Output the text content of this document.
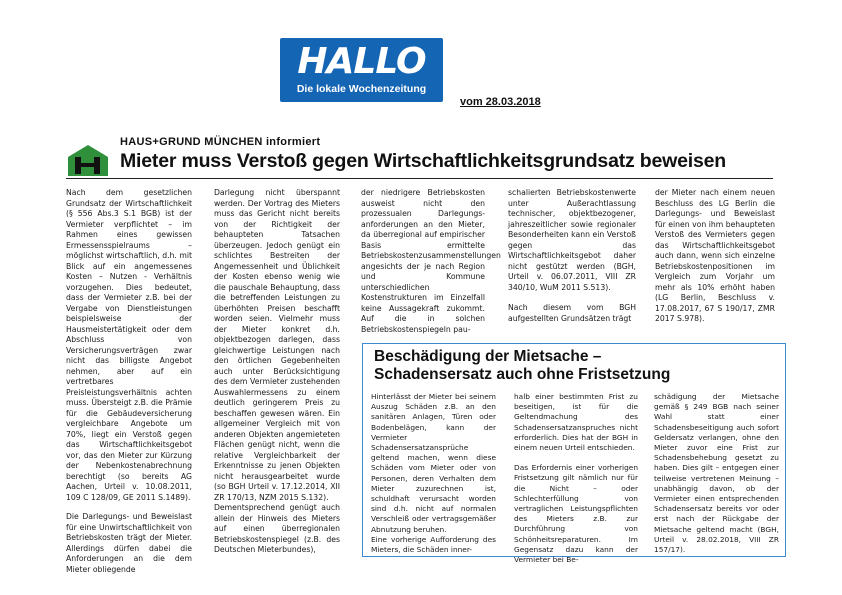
HALLO
Die lokale Wochenzeitung
vom 28.03.2018
HAUS+GRUND MÜNCHEN informiert
Mieter muss Verstoß gegen Wirtschaftlichkeitsgrundsatz beweisen

Nach dem gesetzlichen Grundsatz der Wirtschaftlichkeit (§ 556 Abs.3 S.1 BGB) ist der Vermieter verpflichtet – im Rahmen eines gewissen Ermessensspielraums – möglichst wirtschaftlich, d.h. mit Blick auf ein angemessenes Kosten – Nutzen - Verhältnis vorzugehen. Dies bedeutet, dass der Vermieter z.B. bei der Vergabe von Dienstleistungen beispielsweise der Hausmeistertätigkeit oder dem Abschluss von Versicherungsverträgen zwar nicht das billigste Angebot nehmen, aber auf ein vertretbares Preisleistungsverhältnis achten muss. Übersteigt z.B. die Prämie für die Gebäudeversicherung vergleichbare Angebote um 70%, liegt ein Verstoß gegen das Wirtschaftlichkeitsgebot vor, das den Mieter zur Kürzung der Nebenkostenabrechnung berechtigt (so bereits AG Aachen, Urteil v. 10.08.2011, 109 C 128/09, GE 2011 S.1489).

Die Darlegungs- und Beweislast für eine Unwirtschaftlichkeit von Betriebskosten trägt der Mieter. Allerdings dürfen dabei die Anforderungen an die dem Mieter obliegende

Darlegung nicht überspannt werden. Der Vortrag des Mieters muss das Gericht nicht bereits von der Richtigkeit der behaupteten Tatsachen überzeugen. Jedoch genügt ein schlichtes Bestreiten der Angemessenheit und Üblichkeit der Kosten ebenso wenig wie die pauschale Behauptung, dass die betreffenden Leistungen zu überhöhten Preisen beschafft worden seien. Vielmehr muss der Mieter konkret d.h. objektbezogen darlegen, dass gleichwertige Leistungen nach den örtlichen Gegebenheiten auch unter Berücksichtigung des dem Vermieter zustehenden Auswahlermessens zu einem deutlich geringerem Preis zu beschaffen gewesen wären. Ein allgemeiner Vergleich mit von anderen Objekten angemieteten Flächen genügt nicht, wenn die relative Vergleichbarkeit der Erkenntnisse zu jenen Objekten nicht herausgearbeitet wurde (so BGH Urteil v. 17.12.2014, XII ZR 170/13, NZM 2015 S.132).

Dementsprechend genügt auch allein der Hinweis des Mieters auf einen überregionalen Betriebskostenspiegel (z.B. des Deutschen Mieterbundes),

der niedrigere Betriebskosten ausweist nicht den prozessualen Darlegungs-anforderungen an den Mieter, da überregional auf empirischer Basis ermittelte Betriebskostenzusammenstellungen angesichts der je nach Region und Kommune unterschiedlichen Kostenstrukturen im Einzelfall keine Aussagekraft zukommt. Auf die in solchen Betriebskostenspiegeln pau-

schalierten Betriebskostenwerte unter Außerachtlassung technischer, objektbezogener, jahreszeitlicher sowie regionaler Besonderheiten kann ein Verstoß gegen das Wirtschaftlichkeitsgebot daher nicht gestützt werden (BGH, Urteil v. 06.07.2011, VIII ZR 340/10, WuM 2011 S.513).

Nach diesem vom BGH aufgestellten Grundsätzen trägt

der Mieter nach einem neuen Beschluss des LG Berlin die Darlegungs- und Beweislast für einen von ihm behaupteten Verstoß des Vermieters gegen das Wirtschaftlichkeitsgebot auch dann, wenn sich einzelne Betriebskostenpositionen im Vergleich zum Vorjahr um mehr als 10% erhöht haben (LG Berlin, Beschluss v. 17.08.2017, 67 S 190/17, ZMR 2017 S.978).

Beschädigung der Mietsache –
Schadensersatz auch ohne Fristsetzung

Hinterlässt der Mieter bei seinem Auszug Schäden z.B. an den sanitären Anlagen, Türen oder Bodenbelägen, kann der Vermieter Schadensersatzansprüche geltend machen, wenn diese Schäden vom Mieter oder von Personen, deren Verhalten dem Mieter zuzurechnen ist, schuldhaft verursacht worden sind d.h. nicht auf normalen Verschleiß oder vertragsgemäßer Abnutzung beruhen.

Eine vorherige Aufforderung des Mieters, die Schäden inner-

halb einer bestimmten Frist zu beseitigen, ist für die Geltendmachung des Schadensersatzanspruches nicht erforderlich. Dies hat der BGH in einem neuen Urteil entschieden.

Das Erfordernis einer vorherigen Fristsetzung gilt nämlich nur für die Nicht – oder Schlechterfüllung von vertraglichen Leistungspflichten des Mieters z.B. zur Durchführung von Schönheitsreparaturen. Im Gegensatz dazu kann der Vermieter bei Be-

schädigung der Mietsache gemäß § 249 BGB nach seiner Wahl statt einer Schadensbeseitigung auch sofort Geldersatz verlangen, ohne den Mieter zuvor eine Frist zur Schadensbehebung gesetzt zu haben. Dies gilt – entgegen einer teilweise vertretenen Meinung – unabhängig davon, ob der Vermieter einen entsprechenden Schadensersatz bereits vor oder erst nach der Rückgabe der Mietsache geltend macht (BGH, Urteil v. 28.02.2018, VIII ZR 157/17).
